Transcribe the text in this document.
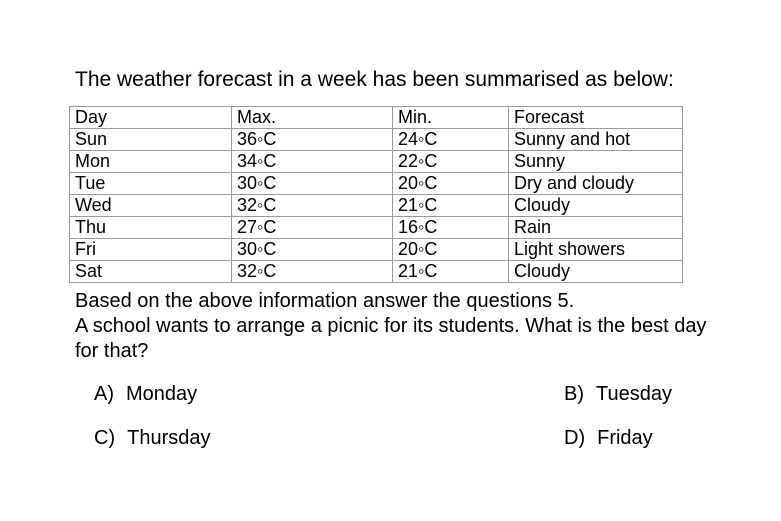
The weather forecast in a week has been summarised as below:
Day	Max.	Min.	Forecast
Sun	36◦C	24◦C	Sunny and hot
Mon	34◦C	22◦C	Sunny
Tue	30◦C	20◦C	Dry and cloudy
Wed	32◦C	21◦C	Cloudy
Thu	27◦C	16◦C	Rain
Fri	30◦C	20◦C	Light showers
Sat	32◦C	21◦C	Cloudy

Based on the above information answer the questions 5.

A school wants to arrange a picnic for its students. What is the best day for that?

A) Monday	B) Tuesday
C) Thursday	D) Friday
